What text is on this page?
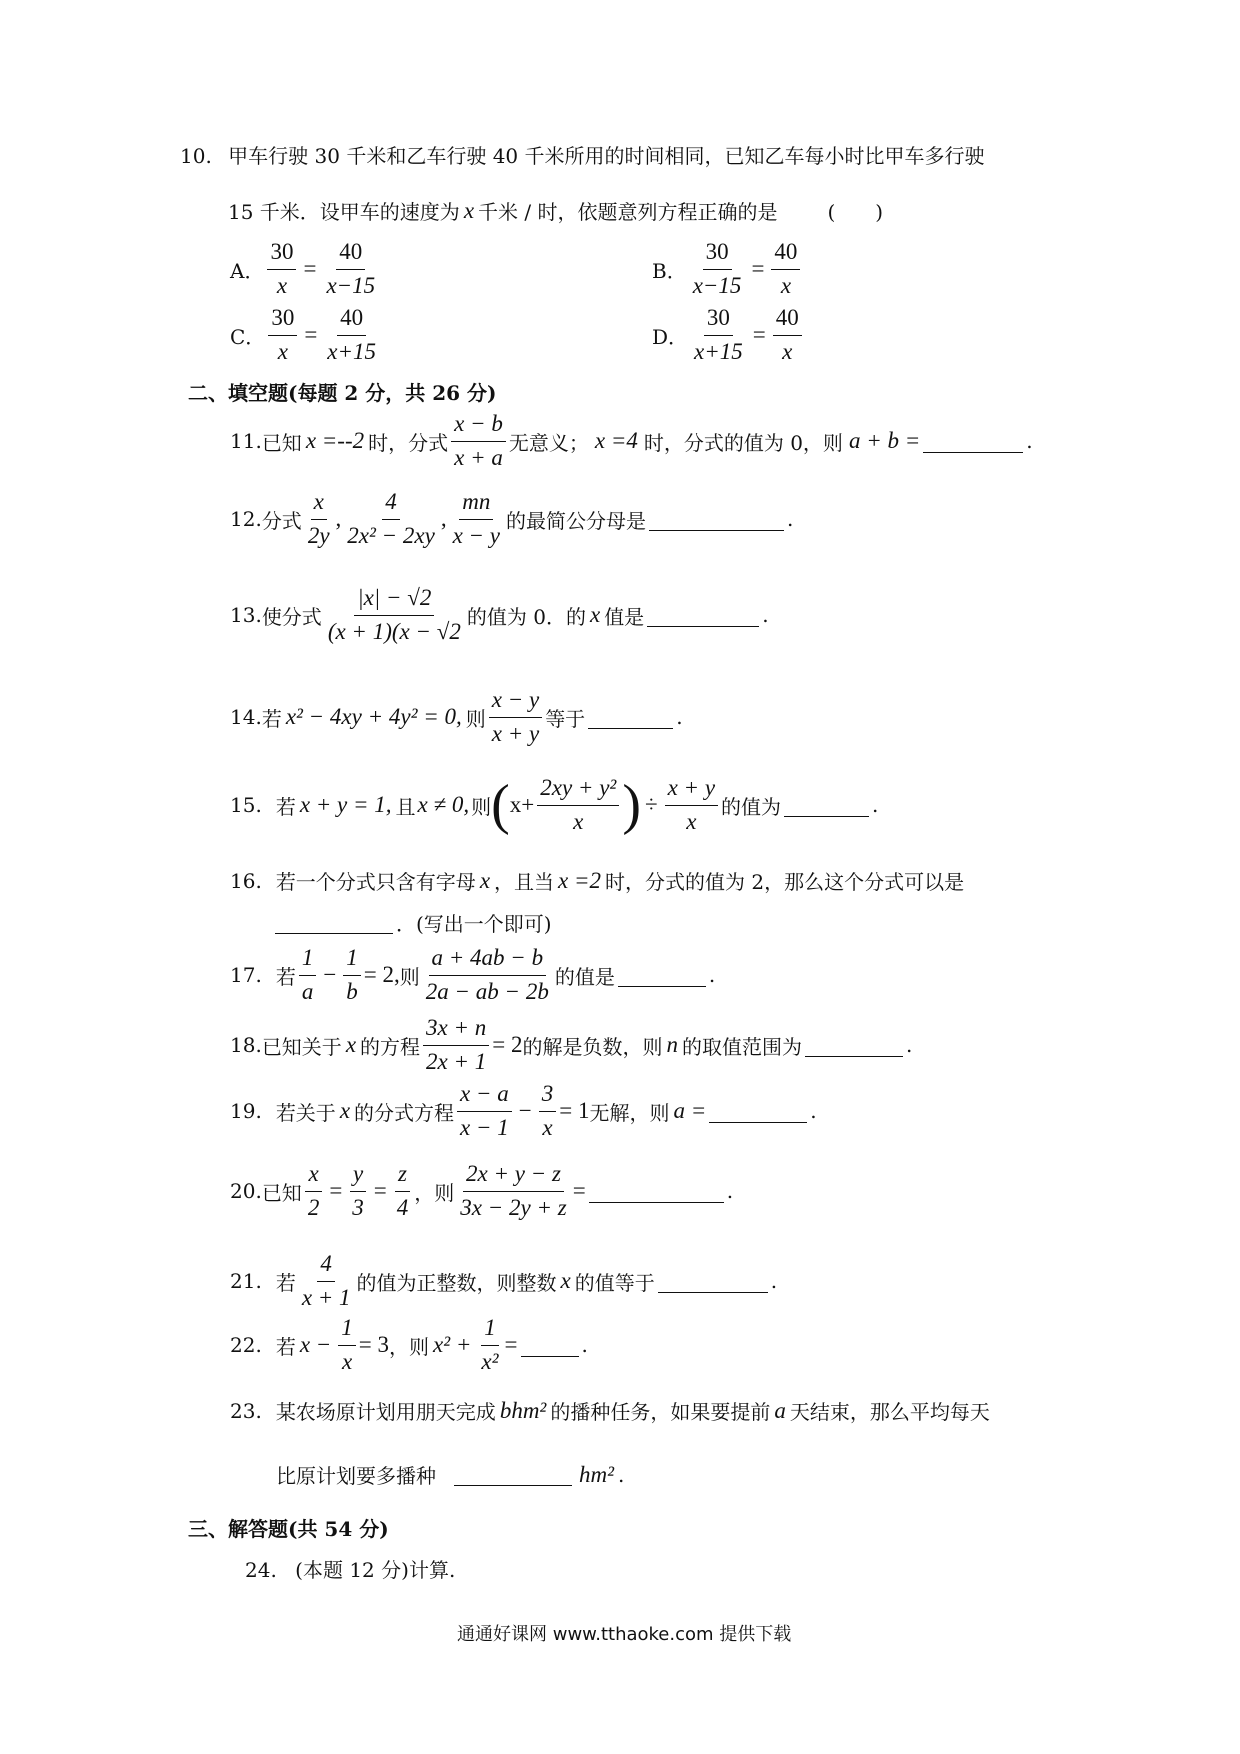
10. 甲车行驶 30 千米和乙车行驶 40 千米所用的时间相同，已知乙车每小时比甲车多行驶
15 千米．设甲车的速度为 x 千米 / 时，依题意列方程正确的是	(　　)
A． $\frac{30}{x} = \frac{40}{x-15}$	B． $\frac{30}{x-15} = \frac{40}{x}$
C． $\frac{30}{x} = \frac{40}{x+15}$	D． $\frac{30}{x+15} = \frac{40}{x}$
二、填空题(每题 2 分，共 26 分)
11. 已知 x =--2 时，分式 $\frac{x - b}{x + a}$ 无意义； x =4 时，分式的值为 0，则 a + b =	.
12. 分式 $\frac{x}{2y}$ , $\frac{4}{\text{2x² − 2xy}}$ , $\frac{mn}{x - y}$ 的最简公分母是	.
13. 使分式 $\frac{|x| - √2}{(x + 1)(x - √2}$ 的值为 0．的 x 值是	.
14. 若 x² − 4xy + 4y² = 0, 则 $\frac{x - y}{x + y}$ 等于	.
15. 若 x + y = 1, 且 x ≠ 0, 则 ( $x+ \frac{\text{2xy + y²}}{x}$ ) ÷ $\frac{x + y}{x}$ 的值为	.
16. 若一个分式只含有字母 x ，且当 x =2 时，分式的值为 2，那么这个分式可以是
．(写出一个即可)
17. 若 $\frac{1}{a} - \frac{1}{b} = 2$, 则 $\frac{a + 4ab - b}{2a - ab - 2b}$ 的值是	.
18. 已知关于 x 的方程 $\frac{3x + n}{2x + 1} = 2$ 的解是负数，则 n 的取值范围为	.
19. 若关于 x 的分式方程 $\frac{x - a}{x - 1} - \frac{3}{x} = 1$ 无解，则 a =	.
20. 已知 $\frac{x}{2} = \frac{y}{3} = \frac{z}{4}$ ，则 $\frac{2x + y - z}{3x - 2y + z}$ =	.
21. 若 $\frac{4}{x + 1}$ 的值为正整数，则整数 x 的值等于	.
22. 若 $x - \frac{1}{x} = 3$ ，则 $x^2 + \frac{1}{\text{x²}}$ =	.
23. 某农场原计划用朋天完成 bhm² 的播种任务，如果要提前 a 天结束，那么平均每天
比原计划要多播种	hm² .
三、解答题(共 54 分)
24. (本题 12 分)计算.
通通好课网 www.tthaoke.com 提供下载
